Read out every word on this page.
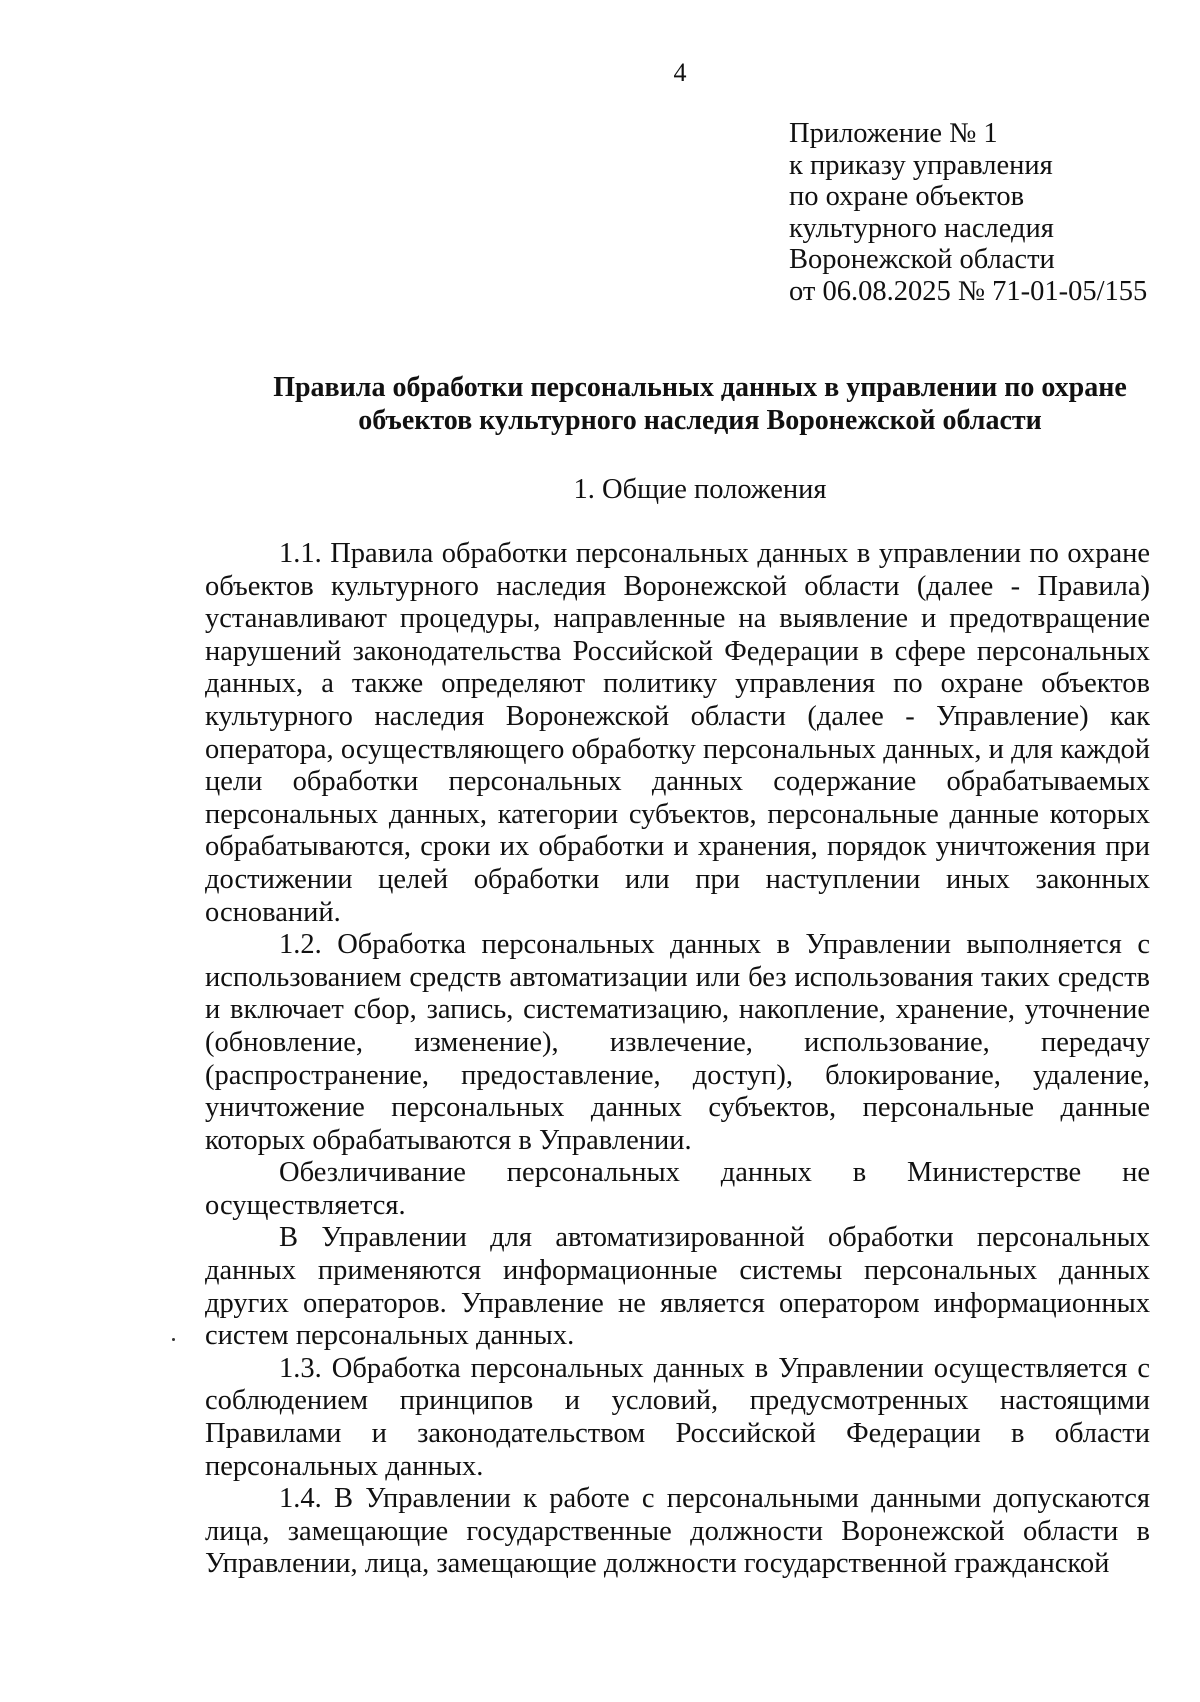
4
Приложение № 1
к приказу управления
по охране объектов
культурного наследия
Воронежской области
от 06.08.2025 № 71-01-05/155
Правила обработки персональных данных в управлении по охране
объектов культурного наследия Воронежской области
1. Общие положения

1.1. Правила обработки персональных данных в управлении по охране объектов культурного наследия Воронежской области (далее - Правила) устанавливают процедуры, направленные на выявление и предотвращение нарушений законодательства Российской Федерации в сфере персональных данных, а также определяют политику управления по охране объектов культурного наследия Воронежской области (далее - Управление) как оператора, осуществляющего обработку персональных данных, и для каждой цели обработки персональных данных содержание обрабатываемых персональных данных, категории субъектов, персональные данные которых обрабатываются, сроки их обработки и хранения, порядок уничтожения при достижении целей обработки или при наступлении иных законных оснований.

1.2. Обработка персональных данных в Управлении выполняется с использованием средств автоматизации или без использования таких средств и включает сбор, запись, систематизацию, накопление, хранение, уточнение (обновление, изменение), извлечение, использование, передачу (распространение, предоставление, доступ), блокирование, удаление, уничтожение персональных данных субъектов, персональные данные которых обрабатываются в Управлении.

Обезличивание персональных данных в Министерстве не осуществляется.

В Управлении для автоматизированной обработки персональных данных применяются информационные системы персональных данных других операторов. Управление не является оператором информационных систем персональных данных.

1.3. Обработка персональных данных в Управлении осуществляется с соблюдением принципов и условий, предусмотренных настоящими Правилами и законодательством Российской Федерации в области персональных данных.

1.4. В Управлении к работе с персональными данными допускаются лица, замещающие государственные должности Воронежской области в Управлении, лица, замещающие должности государственной гражданской
